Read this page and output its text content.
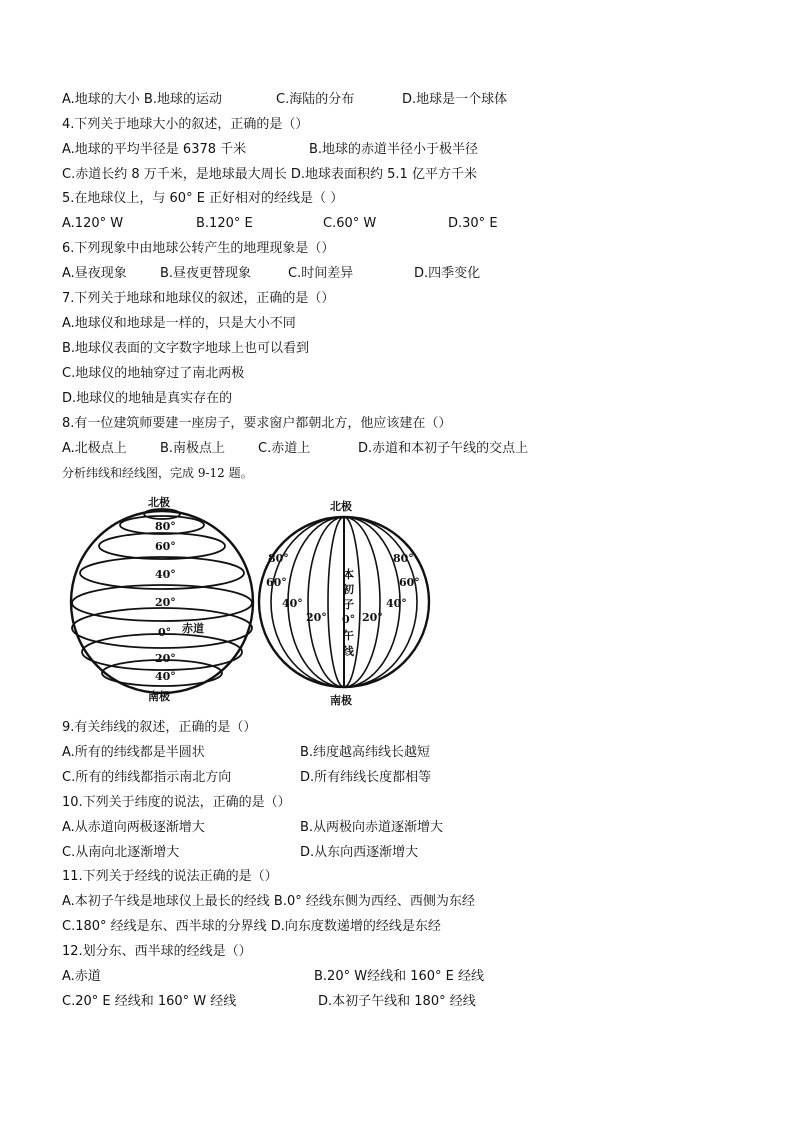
A.地球的大小 B.地球的运动	C.海陆的分布	D.地球是一个球体
4.下列关于地球大小的叙述，正确的是（）
A.地球的平均半径是 6378 千米	B.地球的赤道半径小于极半径
C.赤道长约 8 万千米，是地球最大周长 D.地球表面积约 5.1 亿平方千米
5.在地球仪上，与 60° E 正好相对的经线是（ ）
A.120° W	B.120° E	C.60° W	D.30° E
6.下列现象中由地球公转产生的地理现象是（）
A.昼夜现象	B.昼夜更替现象	C.时间差异	D.四季变化
7.下列关于地球和地球仪的叙述，正确的是（）
A.地球仪和地球是一样的，只是大小不同
B.地球仪表面的文字数字地球上也可以看到
C.地球仪的地轴穿过了南北两极
D.地球仪的地轴是真实存在的
8.有一位建筑师要建一座房子，要求窗户都朝北方，他应该建在（）
A.北极点上	B.南极点上	C.赤道上	D.赤道和本初子午线的交点上
分析纬线和经线图，完成 9-12 题。
北极
80°
60°
40°
20°
0° 赤道
20°
40°
南极
北极
80°
60°
40°
20°
80°
60°
40°
20°
本
初
子
0°
午
线
南极
9.有关纬线的叙述，正确的是（）
A.所有的纬线都是半圆状	B.纬度越高纬线长越短
C.所有的纬线都指示南北方向	D.所有纬线长度都相等
10.下列关于纬度的说法，正确的是（）
A.从赤道向两极逐渐增大	B.从两极向赤道逐渐增大
C.从南向北逐渐增大	D.从东向西逐渐增大
11.下列关于经线的说法正确的是（）
A.本初子午线是地球仪上最长的经线 B.0° 经线东侧为西经、西侧为东经
C.180° 经线是东、西半球的分界线 D.向东度数递增的经线是东经
12.划分东、西半球的经线是（）
A.赤道	B.20° W经线和 160° E 经线
C.20° E 经线和 160° W 经线	D.本初子午线和 180° 经线
